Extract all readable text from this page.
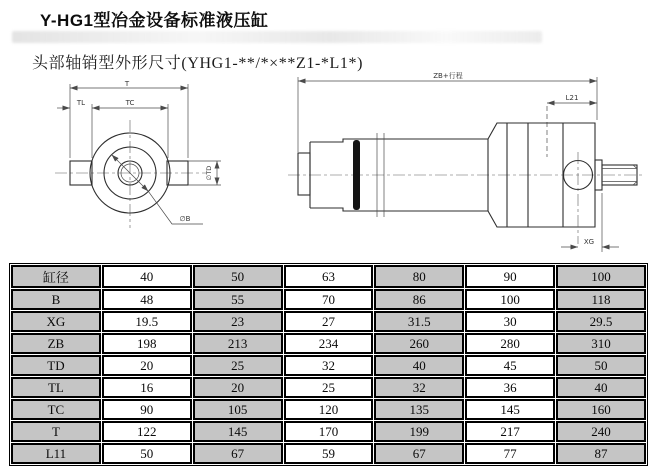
Y-HG1型冶金设备标准液压缸
头部轴销型外形尺寸(YHG1-**/*×**Z1-*L1*)
T
TL	TC
∅TD
∅B
ZB+行程
L21
XG
缸径	40	50	63	80	90	100
B	48	55	70	86	100	118
XG	19.5	23	27	31.5	30	29.5
ZB	198	213	234	260	280	310
TD	20	25	32	40	45	50
TL	16	20	25	32	36	40
TC	90	105	120	135	145	160
T	122	145	170	199	217	240
L11	50	67	59	67	77	87
